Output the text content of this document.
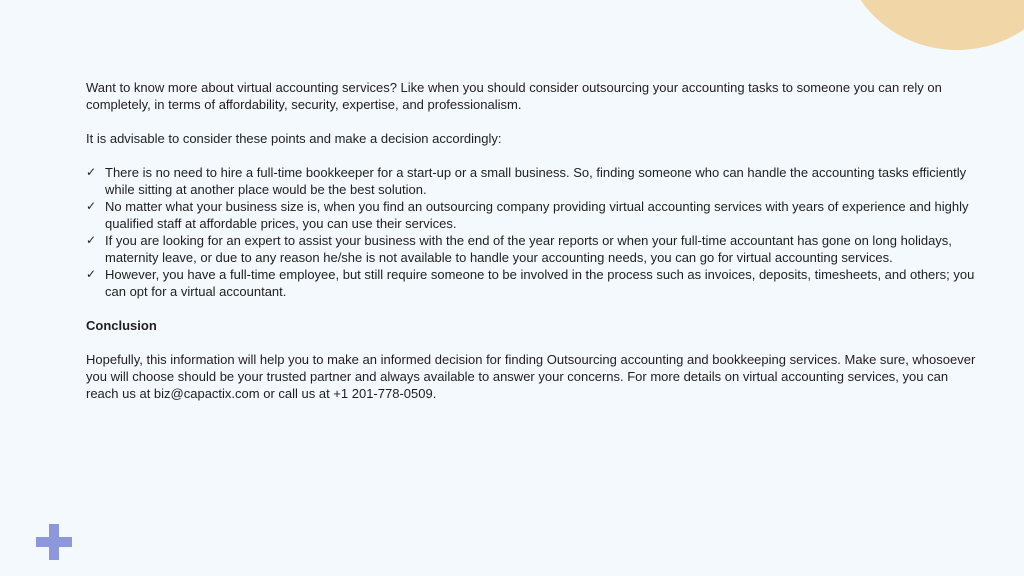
Want to know more about virtual accounting services? Like when you should consider outsourcing your accounting tasks to someone you can rely on completely, in terms of affordability, security, expertise, and professionalism.

It is advisable to consider these points and make a decision accordingly:

✓ There is no need to hire a full-time bookkeeper for a start-up or a small business. So, finding someone who can handle the accounting tasks efficiently while sitting at another place would be the best solution.
✓ No matter what your business size is, when you find an outsourcing company providing virtual accounting services with years of experience and highly qualified staff at affordable prices, you can use their services.
✓ If you are looking for an expert to assist your business with the end of the year reports or when your full-time accountant has gone on long holidays, maternity leave, or due to any reason he/she is not available to handle your accounting needs, you can go for virtual accounting services.
✓ However, you have a full-time employee, but still require someone to be involved in the process such as invoices, deposits, timesheets, and others; you can opt for a virtual accountant.

Conclusion

Hopefully, this information will help you to make an informed decision for finding Outsourcing accounting and bookkeeping services. Make sure, whosoever you will choose should be your trusted partner and always available to answer your concerns. For more details on virtual accounting services, you can reach us at biz@capactix.com or call us at +1 201-778-0509.
